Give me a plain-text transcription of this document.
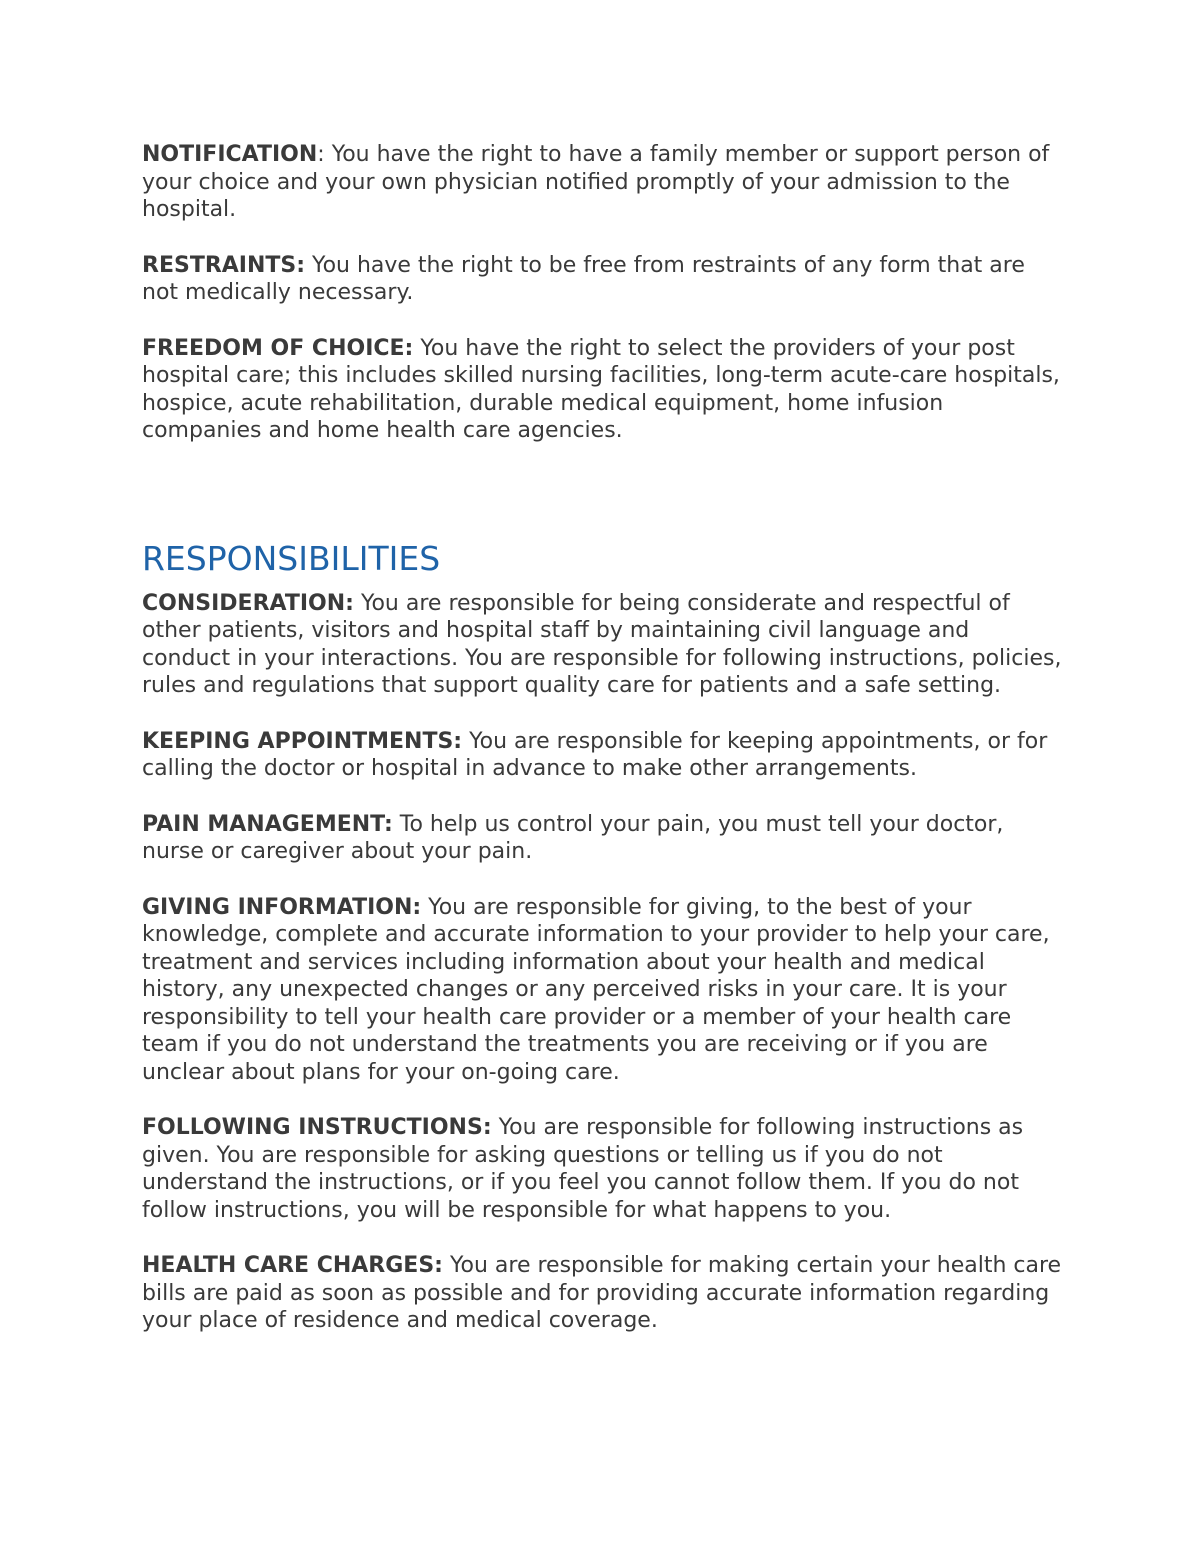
NOTIFICATION: You have the right to have a family member or support person of your choice and your own physician notified promptly of your admission to the hospital.

RESTRAINTS: You have the right to be free from restraints of any form that are not medically necessary.

FREEDOM OF CHOICE: You have the right to select the providers of your post hospital care; this includes skilled nursing facilities, long-term acute-care hospitals, hospice, acute rehabilitation, durable medical equipment, home infusion companies and home health care agencies.

RESPONSIBILITIES

CONSIDERATION: You are responsible for being considerate and respectful of other patients, visitors and hospital staff by maintaining civil language and conduct in your interactions. You are responsible for following instructions, policies, rules and regulations that support quality care for patients and a safe setting.

KEEPING APPOINTMENTS: You are responsible for keeping appointments, or for calling the doctor or hospital in advance to make other arrangements.

PAIN MANAGEMENT: To help us control your pain, you must tell your doctor, nurse or caregiver about your pain.

GIVING INFORMATION: You are responsible for giving, to the best of your knowledge, complete and accurate information to your provider to help your care, treatment and services including information about your health and medical history, any unexpected changes or any perceived risks in your care. It is your responsibility to tell your health care provider or a member of your health care team if you do not understand the treatments you are receiving or if you are unclear about plans for your on-going care.

FOLLOWING INSTRUCTIONS: You are responsible for following instructions as given. You are responsible for asking questions or telling us if you do not understand the instructions, or if you feel you cannot follow them. If you do not follow instructions, you will be responsible for what happens to you.

HEALTH CARE CHARGES: You are responsible for making certain your health care bills are paid as soon as possible and for providing accurate information regarding your place of residence and medical coverage.
